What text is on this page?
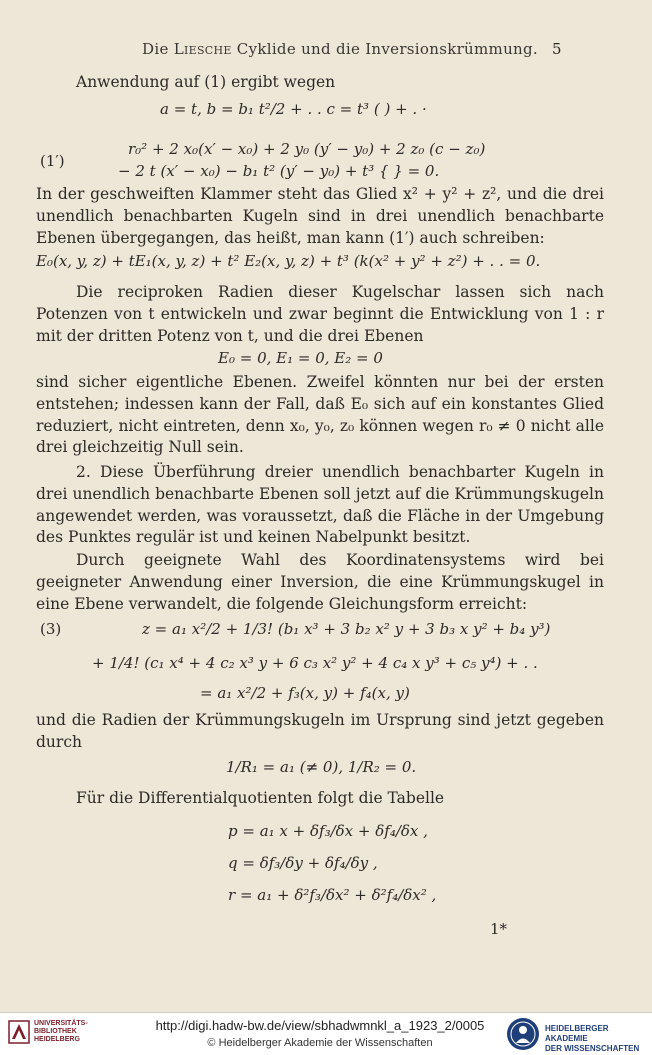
Die Liesche Cyklide und die Inversionskrümmung. 5
Anwendung auf (1) ergibt wegen
a = t, b = b₁ t²/2 + . . c = t³ ( ) + . ·
(1′)
r₀² + 2 x₀(x′ − x₀) + 2 y₀ (y′ − y₀) + 2 z₀ (c − z₀)
− 2 t (x′ − x₀) − b₁ t² (y′ − y₀) + t³ { } = 0.
In der geschweiften Klammer steht das Glied x² + y² + z², und die drei unendlich benachbarten Kugeln sind in drei unendlich benachbarte Ebenen übergegangen, das heißt, man kann (1′) auch schreiben:
E₀(x, y, z) + tE₁(x, y, z) + t² E₂(x, y, z) + t³ (k(x² + y² + z²) + . . = 0.
Die reciproken Radien dieser Kugelschar lassen sich nach Potenzen von t entwickeln und zwar beginnt die Entwicklung von 1 : r mit der dritten Potenz von t, und die drei Ebenen
E₀ = 0, E₁ = 0, E₂ = 0
sind sicher eigentliche Ebenen. Zweifel könnten nur bei der ersten entstehen; indessen kann der Fall, daß E₀ sich auf ein konstantes Glied reduziert, nicht eintreten, denn x₀, y₀, z₀ können wegen r₀ ≠ 0 nicht alle drei gleichzeitig Null sein.
2. Diese Überführung dreier unendlich benachbarter Kugeln in drei unendlich benachbarte Ebenen soll jetzt auf die Krümmungskugeln angewendet werden, was voraussetzt, daß die Fläche in der Umgebung des Punktes regulär ist und keinen Nabelpunkt besitzt.
Durch geeignete Wahl des Koordinatensystems wird bei geeigneter Anwendung einer Inversion, die eine Krümmungskugel in eine Ebene verwandelt, die folgende Gleichungsform erreicht:
(3)	z = a₁ x²/2 + 1/3! (b₁ x³ + 3 b₂ x² y + 3 b₃ x y² + b₄ y³)
+ 1/4! (c₁ x⁴ + 4 c₂ x³ y + 6 c₃ x² y² + 4 c₄ x y³ + c₅ y⁴) + . .
= a₁ x²/2 + f₃(x, y) + f₄(x, y)
und die Radien der Krümmungskugeln im Ursprung sind jetzt gegeben durch
1/R₁ = a₁ (≠ 0), 1/R₂ = 0.
Für die Differentialquotienten folgt die Tabelle
p = a₁ x + δf₃/δx + δf₄/δx ,
q = δf₃/δy + δf₄/δy ,
r = a₁ + δ²f₃/δx² + δ²f₄/δx² ,
1*
UNIVERSITÄTS-
BIBLIOTHEK
HEIDELBERG
http://digi.hadw-bw.de/view/sbhadwmnkl_a_1923_2/0005
© Heidelberger Akademie der Wissenschaften
HEIDELBERGER AKADEMIE
DER WISSENSCHAFTEN
